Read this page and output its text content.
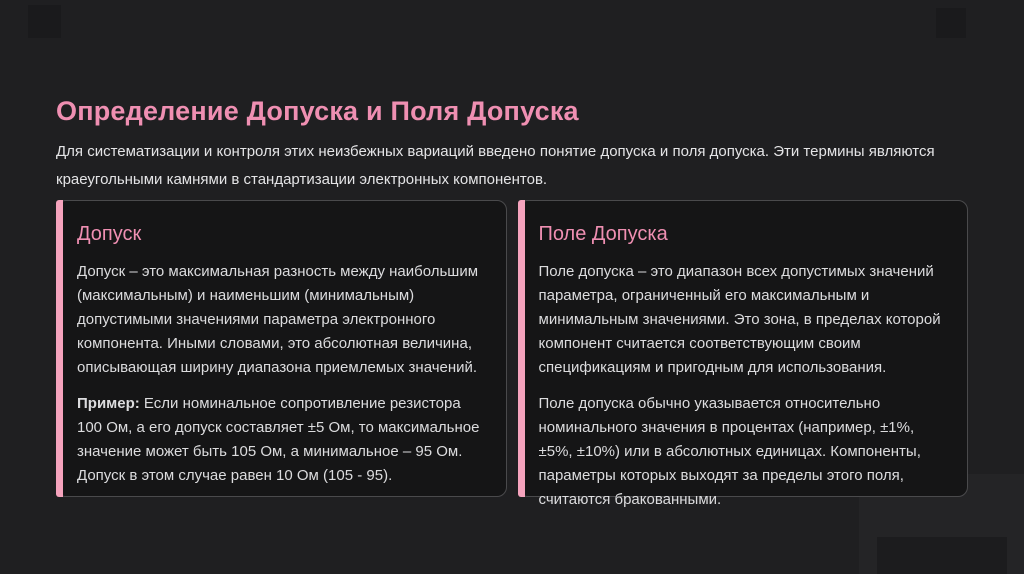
Определение Допуска и Поля Допуска
Для систематизации и контроля этих неизбежных вариаций введено понятие допуска и поля допуска. Эти термины являются краеугольными камнями в стандартизации электронных компонентов.
Допуск

Допуск – это максимальная разность между наибольшим (максимальным) и наименьшим (минимальным) допустимыми значениями параметра электронного компонента. Иными словами, это абсолютная величина, описывающая ширину диапазона приемлемых значений.

Пример: Если номинальное сопротивление резистора 100 Ом, а его допуск составляет ±5 Ом, то максимальное значение может быть 105 Ом, а минимальное – 95 Ом. Допуск в этом случае равен 10 Ом (105 - 95).

Поле Допуска

Поле допуска – это диапазон всех допустимых значений параметра, ограниченный его максимальным и минимальным значениями. Это зона, в пределах которой компонент считается соответствующим своим спецификациям и пригодным для использования.

Поле допуска обычно указывается относительно номинального значения в процентах (например, ±1%, ±5%, ±10%) или в абсолютных единицах. Компоненты, параметры которых выходят за пределы этого поля, считаются бракованными.
